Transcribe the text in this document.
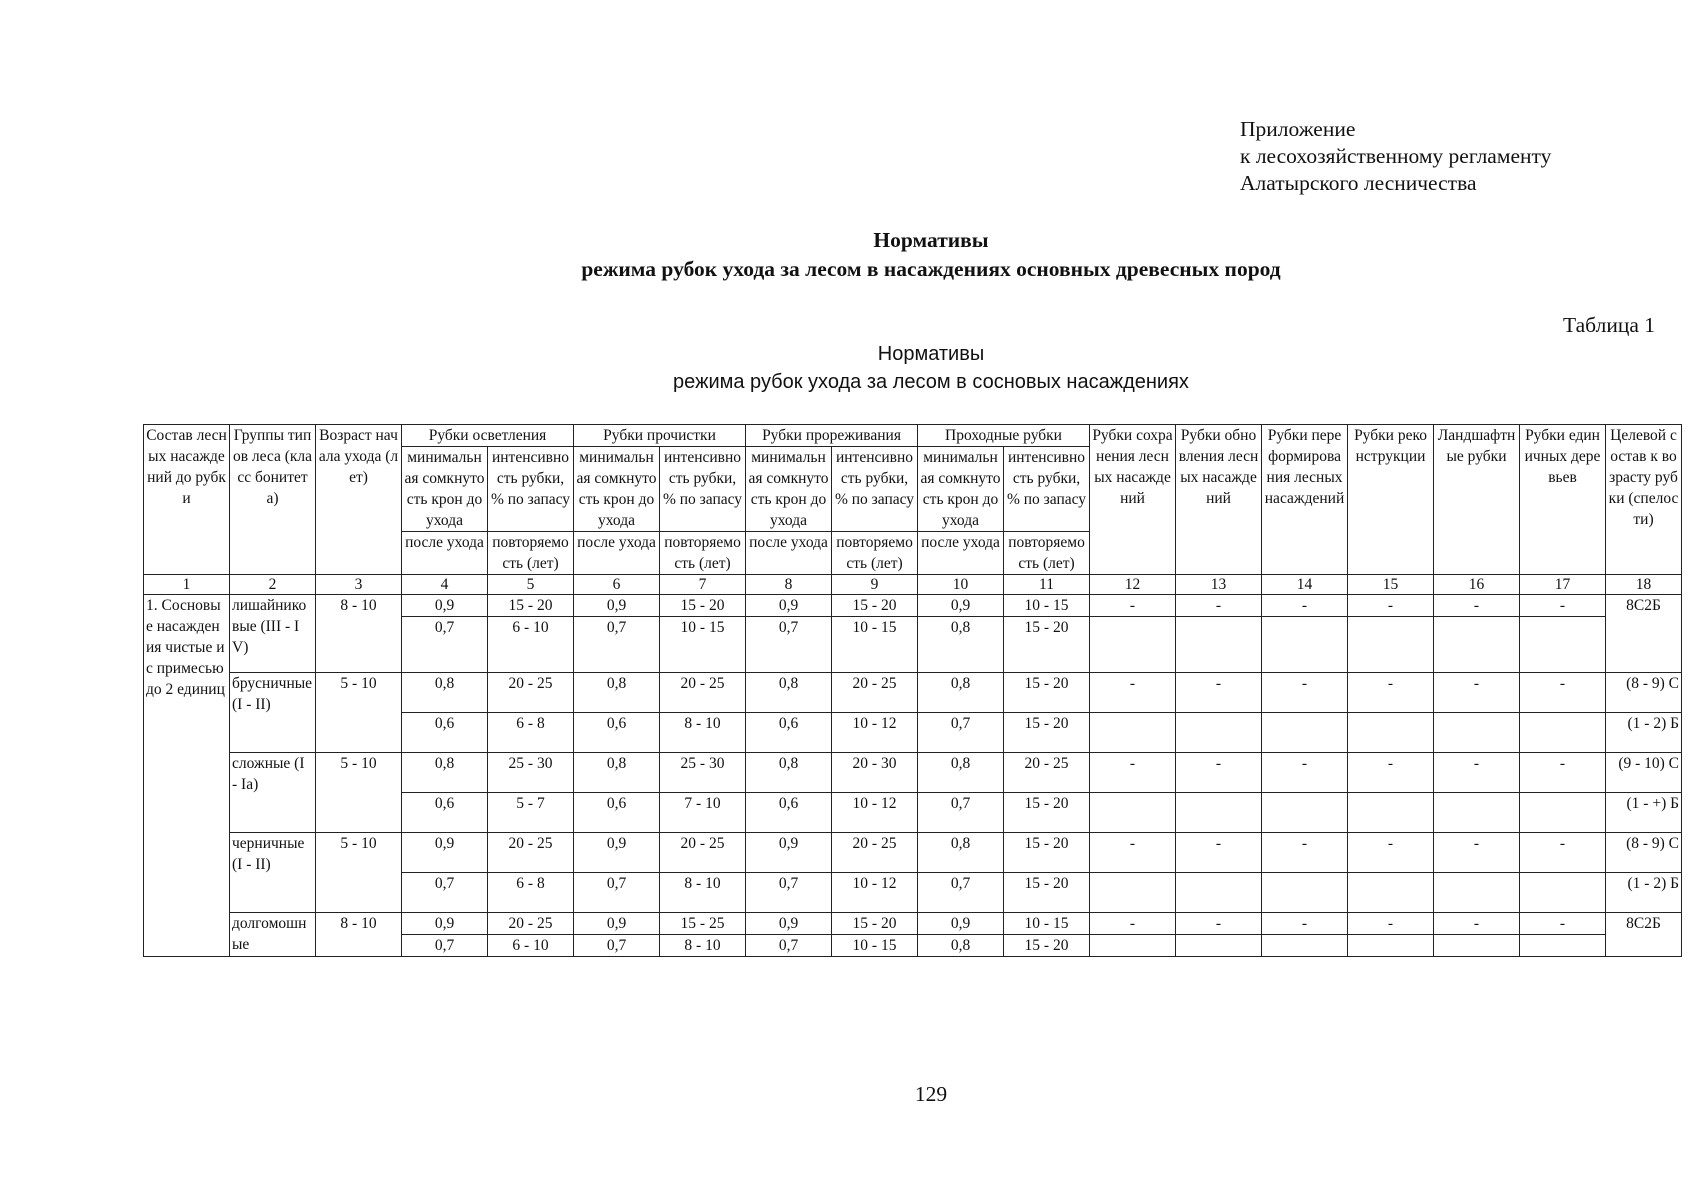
Приложение
к лесохозяйственному регламенту
Алатырского лесничества
Нормативы
режима рубок ухода за лесом в насаждениях основных древесных пород
Таблица 1
Нормативы
режима рубок ухода за лесом в сосновых насаждениях
Состав лесных насаждений до рубки	Группы типов леса (класс бонитета)	Возраст начала ухода (лет)	Рубки осветления		Рубки прочистки		Рубки прореживания		Проходные рубки		Рубки сохранения лесных насаждений	Рубки обновления лесных насаждений	Рубки переформирования лесных насаждений	Рубки реконструкции	Ландшафтные рубки	Рубки единичных деревьев	Целевой состав к возрасту рубки (спелости)
			минимальная сомкнутость крон до ухода	интенсивность рубки, % по запасу	минимальная сомкнутость крон до ухода	интенсивность рубки, % по запасу	минимальная сомкнутость крон до ухода	интенсивность рубки, % по запасу	минимальная сомкнутость крон до ухода	интенсивность рубки, % по запасу							
			после ухода	повторяемость (лет)	после ухода	повторяемость (лет)	после ухода	повторяемость (лет)	после ухода	повторяемость (лет)							
1	2	3	4	5	6	7	8	9	10	11	12	13	14	15	16	17	18
1. Сосновые насаждения чистые и с примесью до 2 единиц	лишайниковые (III - IV)	8 - 10	0,9	15 - 20	0,9	15 - 20	0,9	15 - 20	0,9	10 - 15	-	-	-	-	-	-	8С2Б
			0,7	6 - 10	0,7	10 - 15	0,7	10 - 15	0,8	15 - 20							
	брусничные (I - II)	5 - 10	0,8	20 - 25	0,8	20 - 25	0,8	20 - 25	0,8	15 - 20	-	-	-	-	-	-	(8 - 9) С
			0,6	6 - 8	0,6	8 - 10	0,6	10 - 12	0,7	15 - 20							(1 - 2) Б
	сложные (I - Ia)	5 - 10	0,8	25 - 30	0,8	25 - 30	0,8	20 - 30	0,8	20 - 25	-	-	-	-	-	-	(9 - 10) С
			0,6	5 - 7	0,6	7 - 10	0,6	10 - 12	0,7	15 - 20							(1 - +) Б
	черничные (I - II)	5 - 10	0,9	20 - 25	0,9	20 - 25	0,9	20 - 25	0,8	15 - 20	-	-	-	-	-	-	(8 - 9) С
			0,7	6 - 8	0,7	8 - 10	0,7	10 - 12	0,7	15 - 20							(1 - 2) Б
	долгомошные	8 - 10	0,9	20 - 25	0,9	15 - 25	0,9	15 - 20	0,9	10 - 15	-	-	-	-	-	-	8С2Б
			0,7	6 - 10	0,7	8 - 10	0,7	10 - 15	0,8	15 - 20							
129
